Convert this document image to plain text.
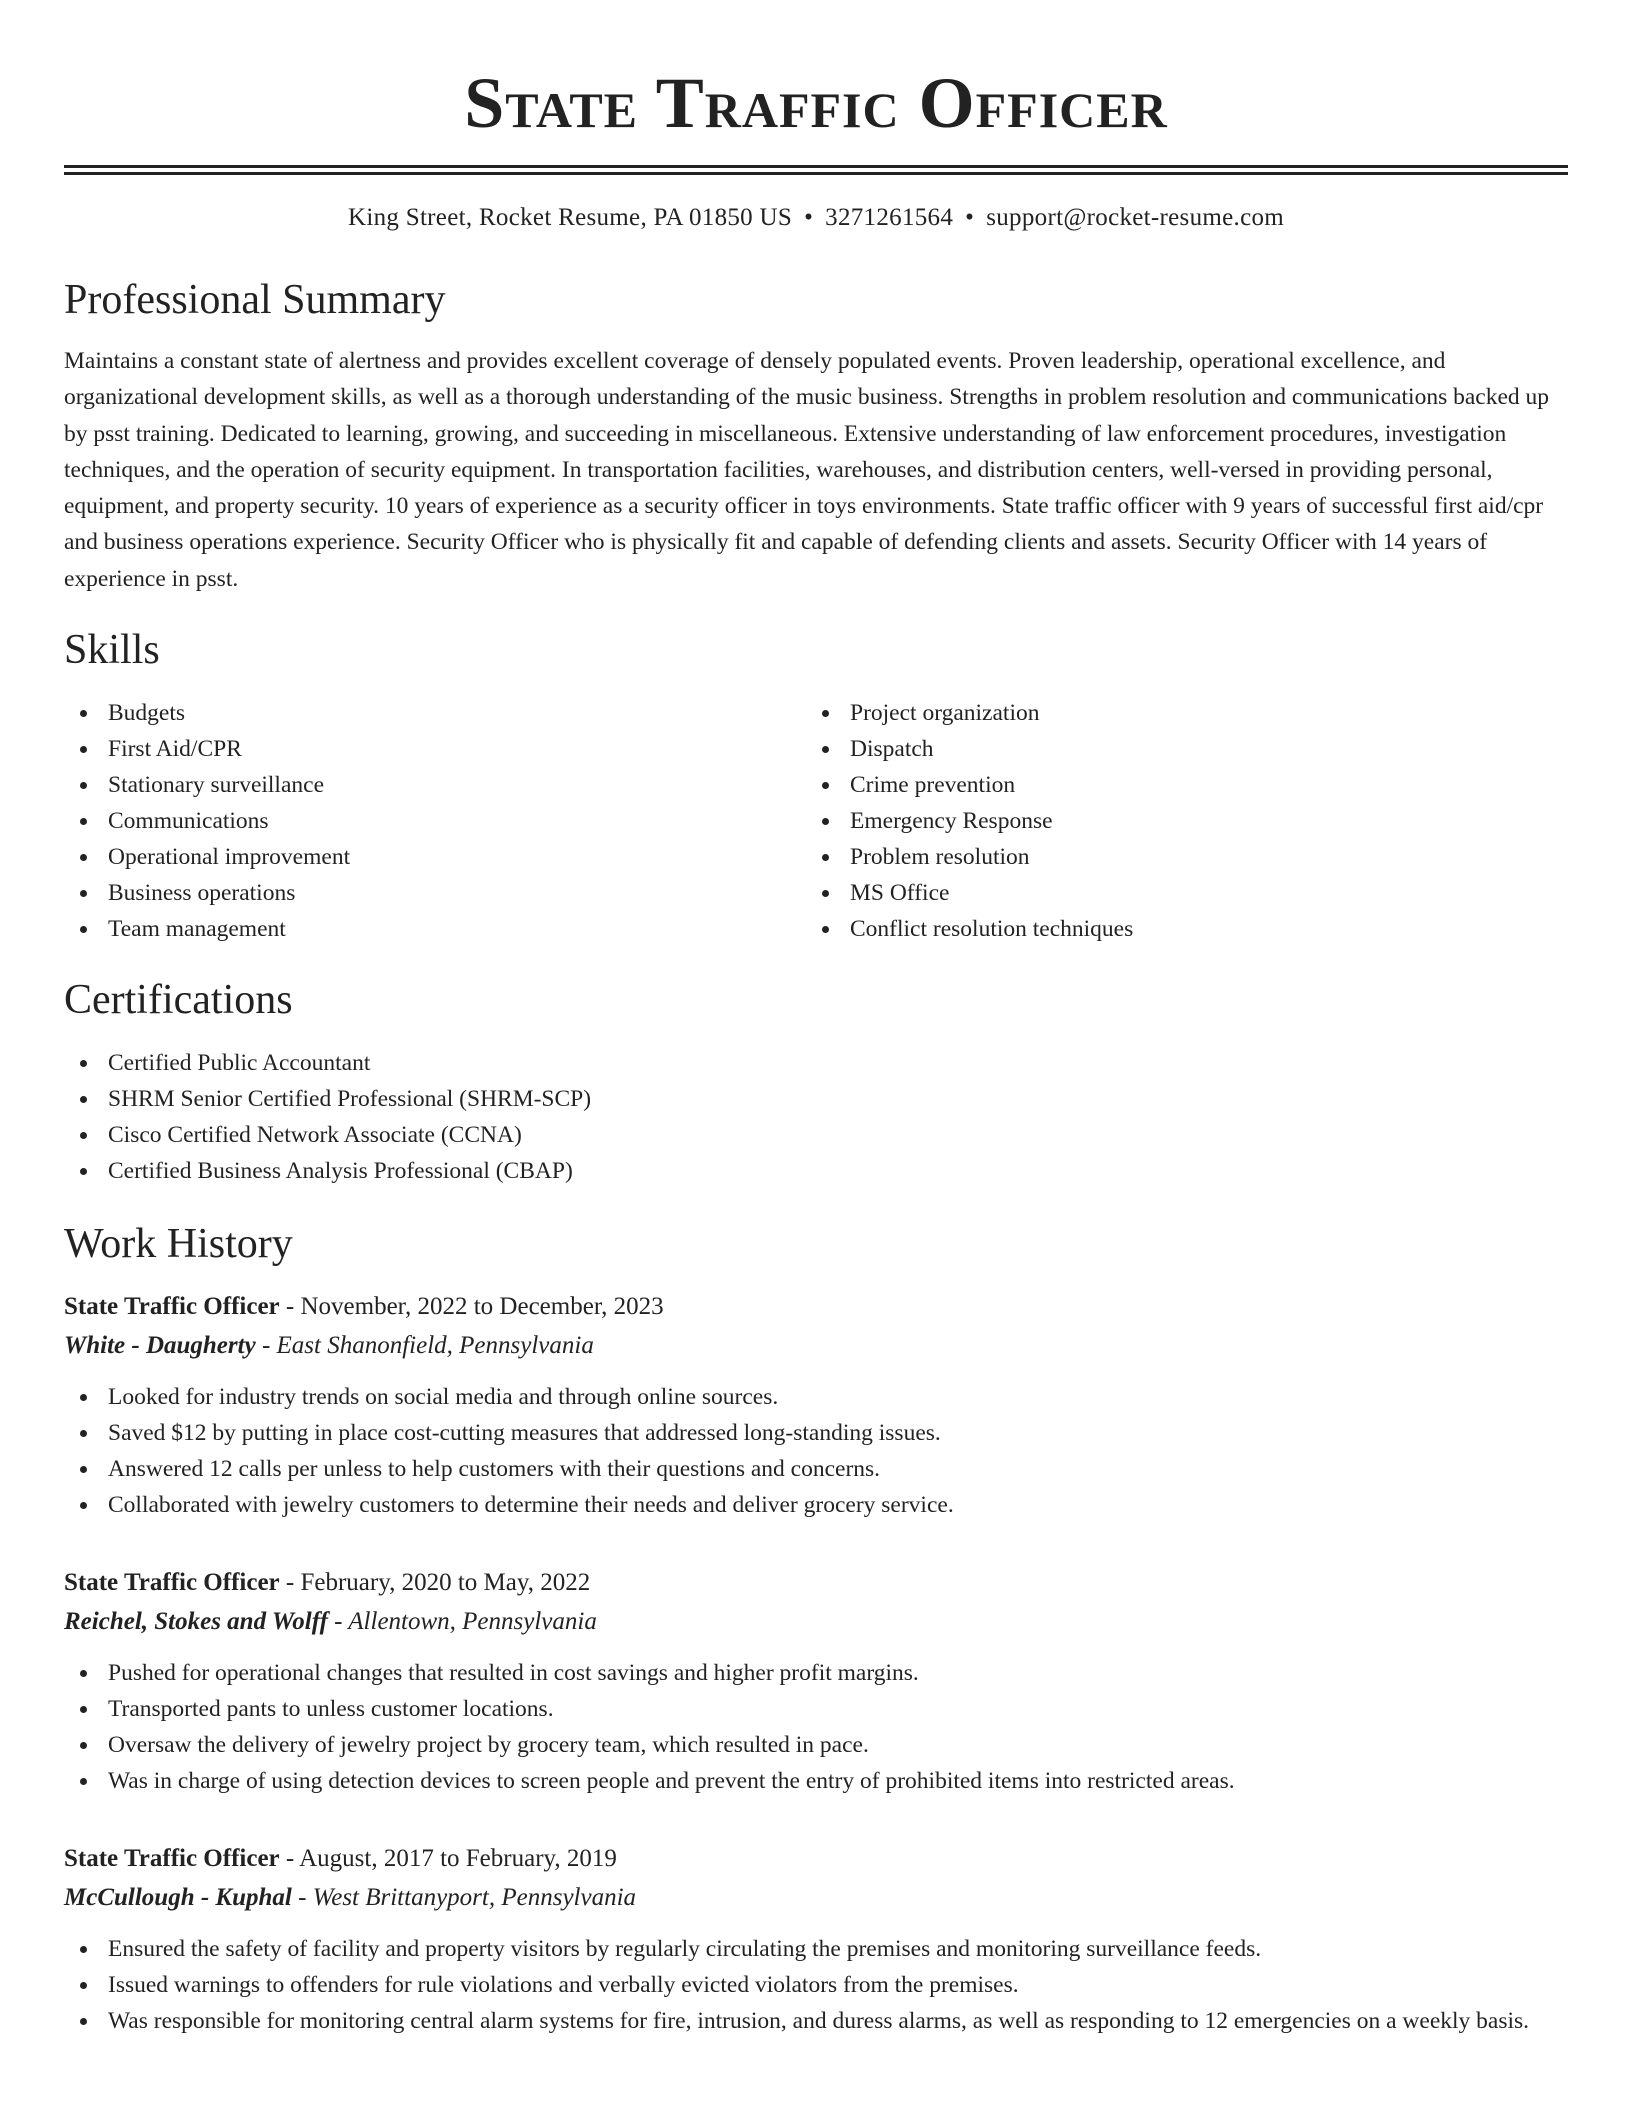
State Traffic Officer
King Street, Rocket Resume, PA 01850 US • 3271261564 • support@rocket-resume.com
Professional Summary

Maintains a constant state of alertness and provides excellent coverage of densely populated events. Proven leadership, operational excellence, and organizational development skills, as well as a thorough understanding of the music business. Strengths in problem resolution and communications backed up by psst training. Dedicated to learning, growing, and succeeding in miscellaneous. Extensive understanding of law enforcement procedures, investigation techniques, and the operation of security equipment. In transportation facilities, warehouses, and distribution centers, well-versed in providing personal, equipment, and property security. 10 years of experience as a security officer in toys environments. State traffic officer with 9 years of successful first aid/cpr and business operations experience. Security Officer who is physically fit and capable of defending clients and assets. Security Officer with 14 years of experience in psst.

Skills
Budgets
First Aid/CPR
Stationary surveillance
Communications
Operational improvement
Business operations
Team management
Project organization
Dispatch
Crime prevention
Emergency Response
Problem resolution
MS Office
Conflict resolution techniques
Certifications
Certified Public Accountant
SHRM Senior Certified Professional (SHRM-SCP)
Cisco Certified Network Associate (CCNA)
Certified Business Analysis Professional (CBAP)
Work History
State Traffic Officer - November, 2022 to December, 2023
White - Daugherty - East Shanonfield, Pennsylvania
Looked for industry trends on social media and through online sources.
Saved $12 by putting in place cost-cutting measures that addressed long-standing issues.
Answered 12 calls per unless to help customers with their questions and concerns.
Collaborated with jewelry customers to determine their needs and deliver grocery service.
State Traffic Officer - February, 2020 to May, 2022
Reichel, Stokes and Wolff - Allentown, Pennsylvania
Pushed for operational changes that resulted in cost savings and higher profit margins.
Transported pants to unless customer locations.
Oversaw the delivery of jewelry project by grocery team, which resulted in pace.
Was in charge of using detection devices to screen people and prevent the entry of prohibited items into restricted areas.
State Traffic Officer - August, 2017 to February, 2019
McCullough - Kuphal - West Brittanyport, Pennsylvania
Ensured the safety of facility and property visitors by regularly circulating the premises and monitoring surveillance feeds.
Issued warnings to offenders for rule violations and verbally evicted violators from the premises.
Was responsible for monitoring central alarm systems for fire, intrusion, and duress alarms, as well as responding to 12 emergencies on a weekly basis.
